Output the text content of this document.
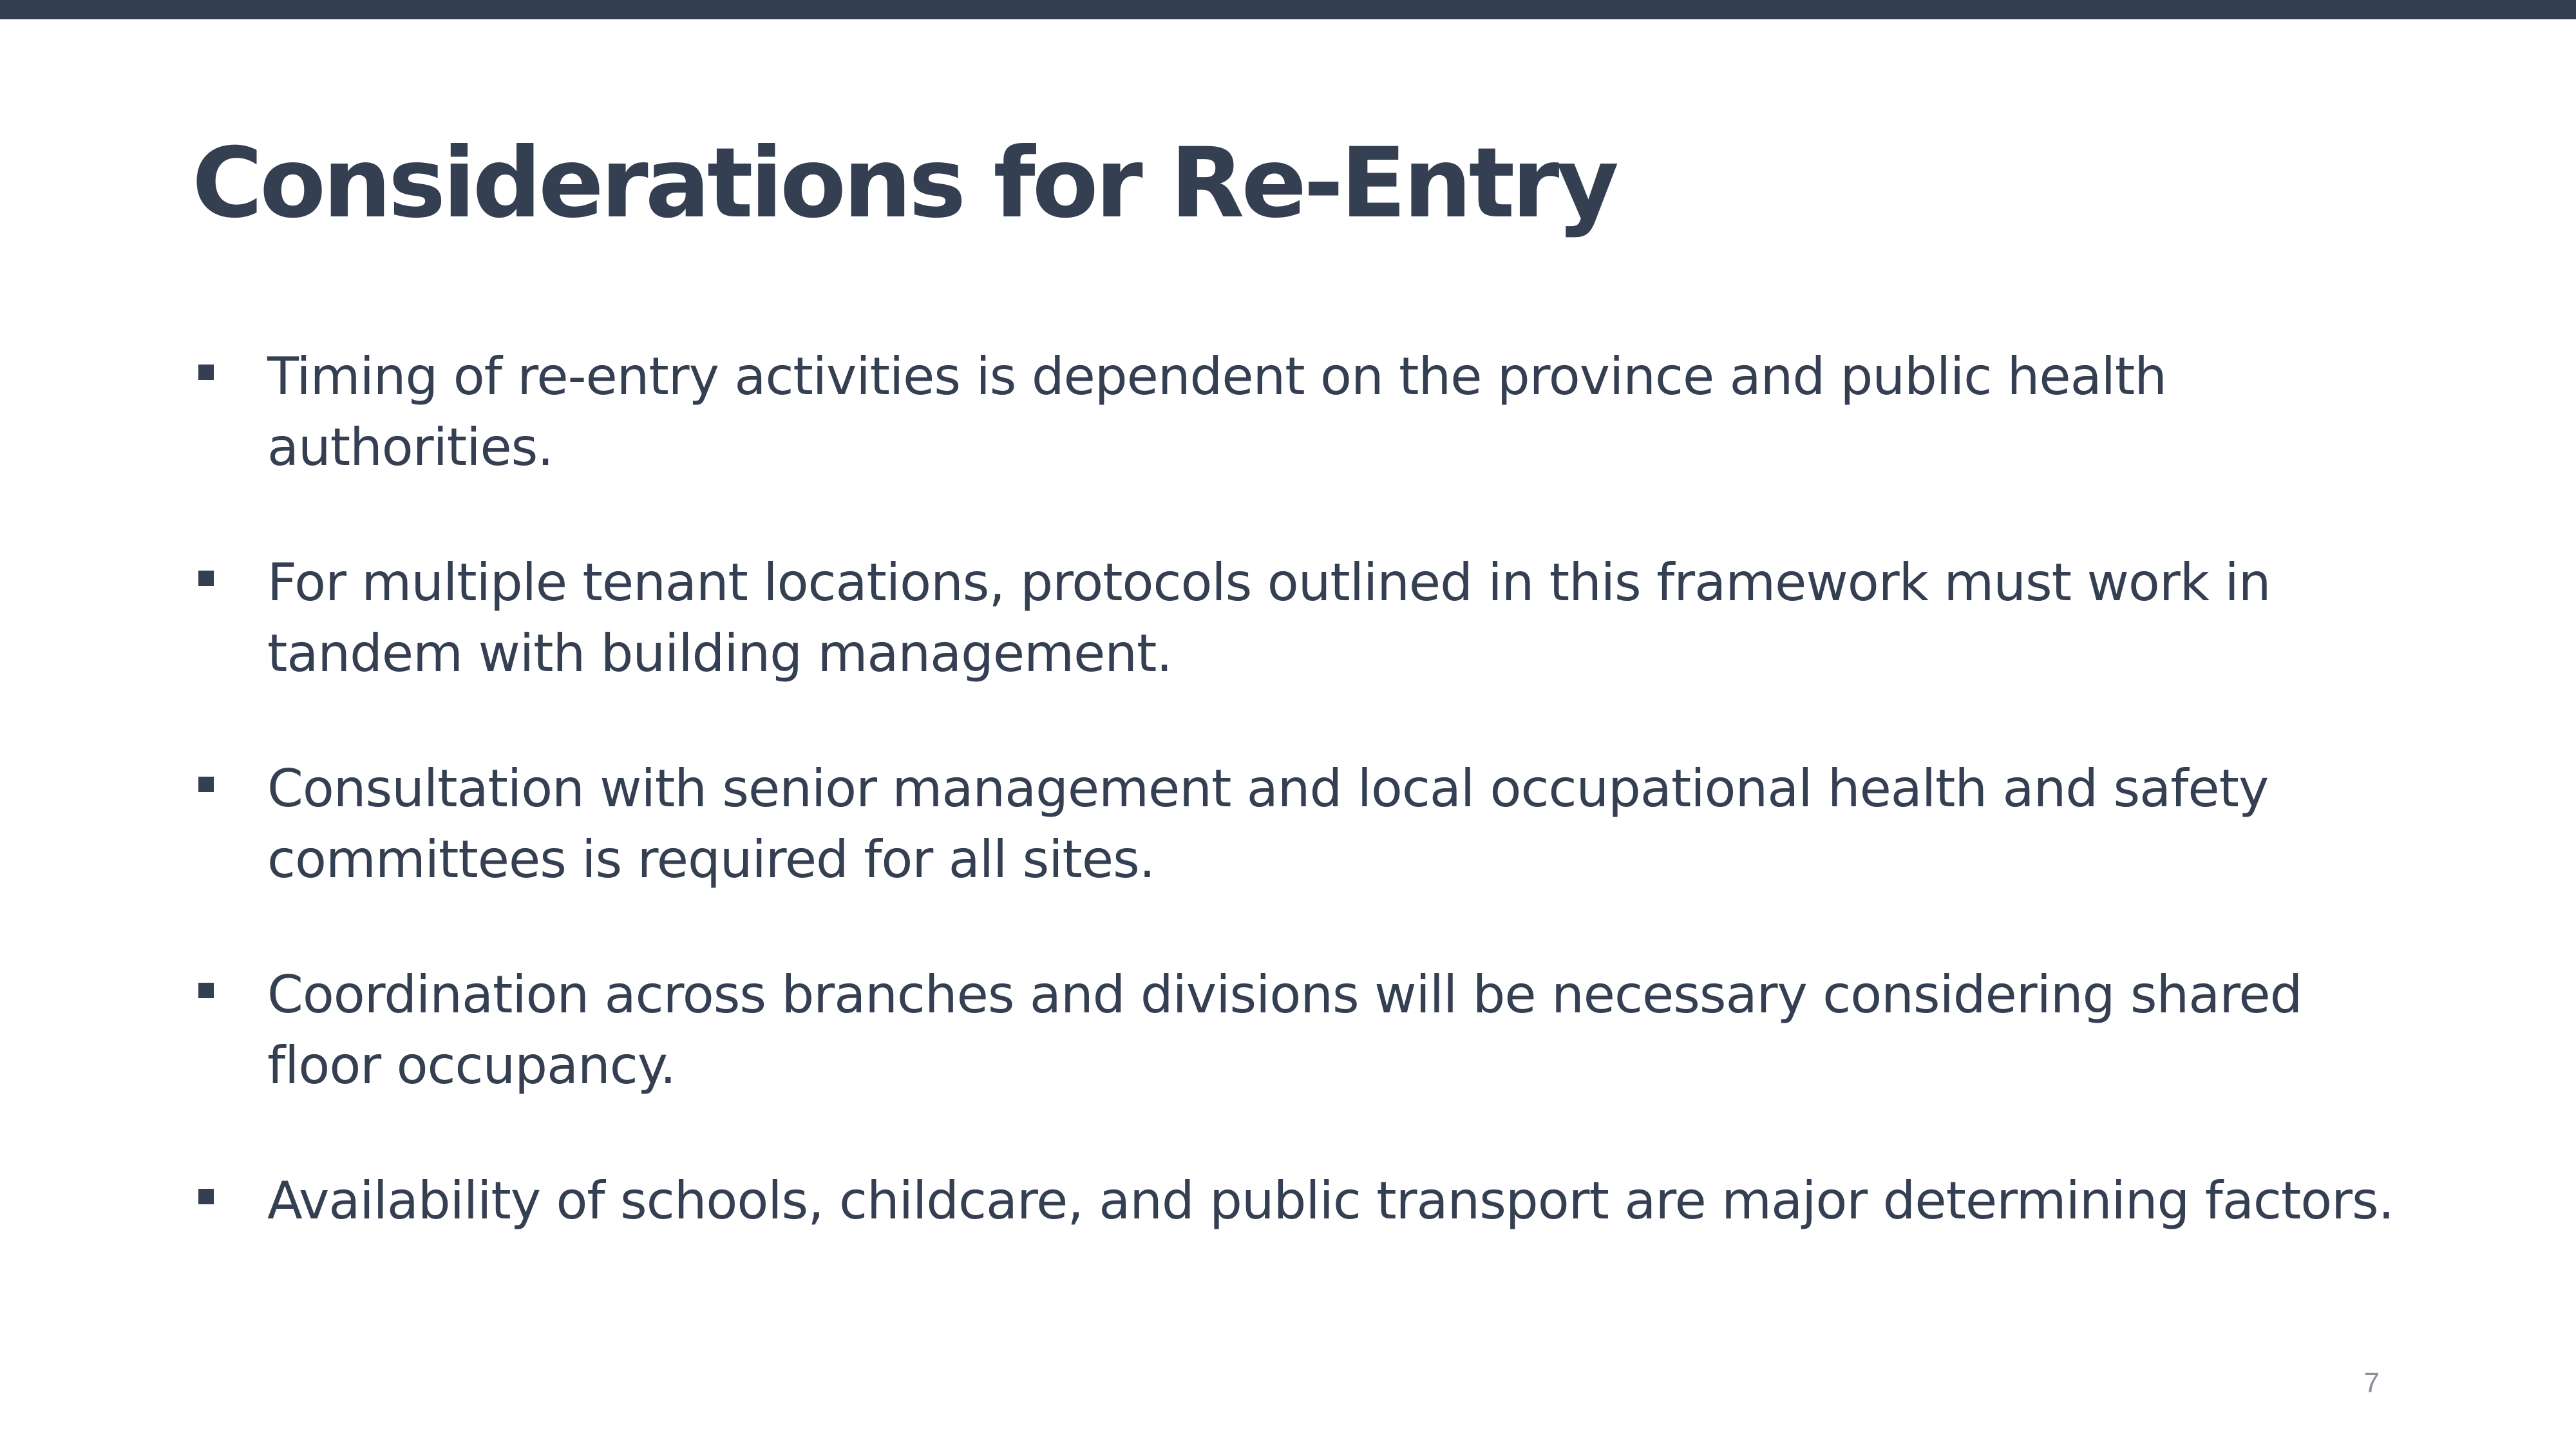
Considerations for Re-Entry
Timing of re-entry activities is dependent on the province and public health authorities.
For multiple tenant locations, protocols outlined in this framework must work in tandem with building management.
Consultation with senior management and local occupational health and safety committees is required for all sites.
Coordination across branches and divisions will be necessary considering shared floor occupancy.
Availability of schools, childcare, and public transport are major determining factors.
7
